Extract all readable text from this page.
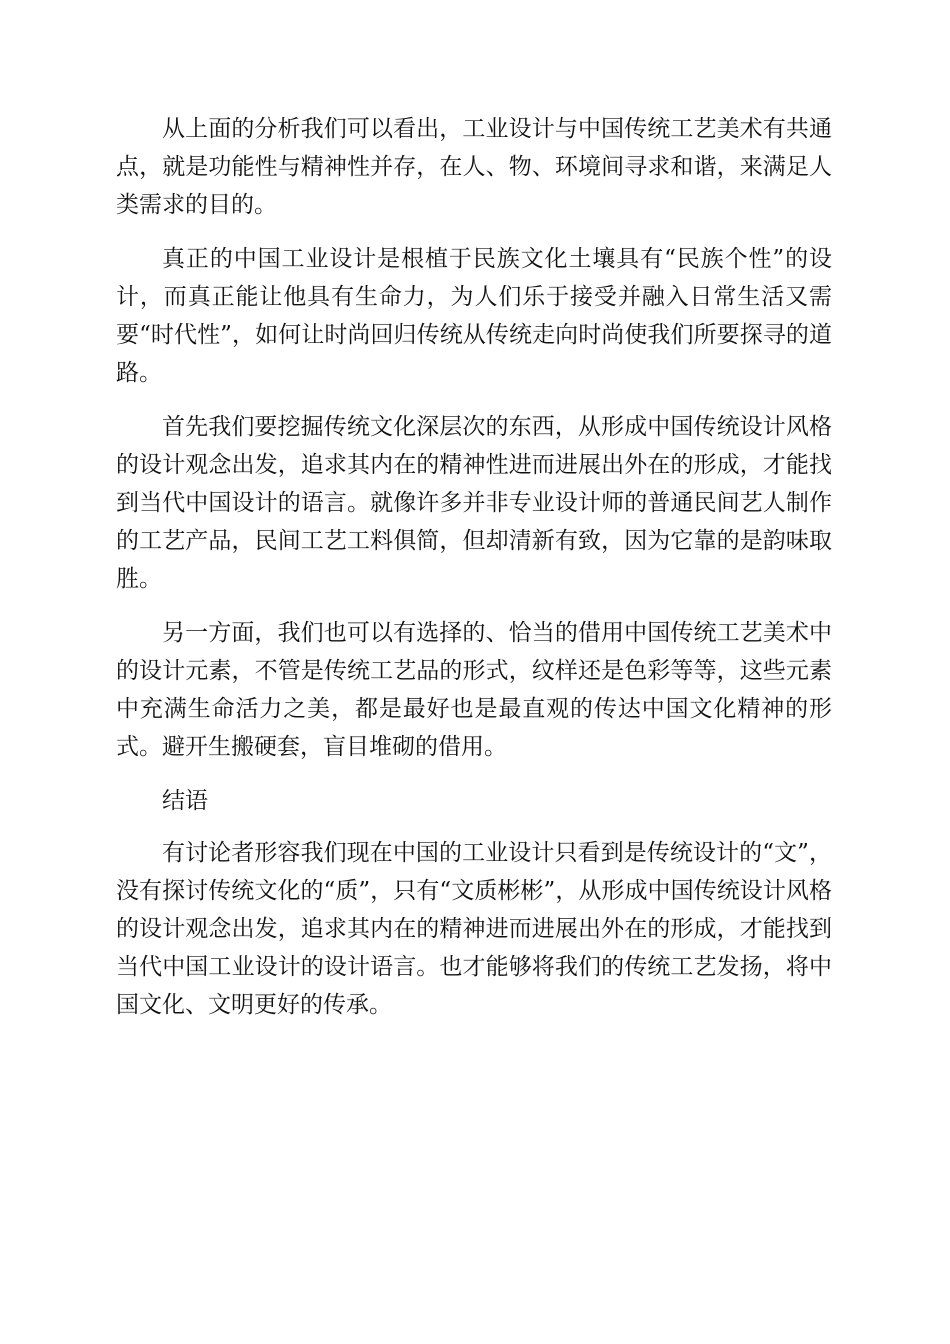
从上面的分析我们可以看出，工业设计与中国传统工艺美术有共通点，就是功能性与精神性并存，在人、物、环境间寻求和谐，来满足人类需求的目的。

真正的中国工业设计是根植于民族文化土壤具有“民族个性”的设计，而真正能让他具有生命力，为人们乐于接受并融入日常生活又需要“时代性”，如何让时尚回归传统从传统走向时尚使我们所要探寻的道路。

首先我们要挖掘传统文化深层次的东西，从形成中国传统设计风格的设计观念出发，追求其内在的精神性进而进展出外在的形成，才能找到当代中国设计的语言。就像许多并非专业设计师的普通民间艺人制作的工艺产品，民间工艺工料俱简，但却清新有致，因为它靠的是韵味取胜。

另一方面，我们也可以有选择的、恰当的借用中国传统工艺美术中的设计元素，不管是传统工艺品的形式，纹样还是色彩等等，这些元素中充满生命活力之美，都是最好也是最直观的传达中国文化精神的形式。避开生搬硬套，盲目堆砌的借用。

结语

有讨论者形容我们现在中国的工业设计只看到是传统设计的“文”，没有探讨传统文化的“质”，只有“文质彬彬”，从形成中国传统设计风格的设计观念出发，追求其内在的精神进而进展出外在的形成，才能找到当代中国工业设计的设计语言。也才能够将我们的传统工艺发扬，将中国文化、文明更好的传承。
